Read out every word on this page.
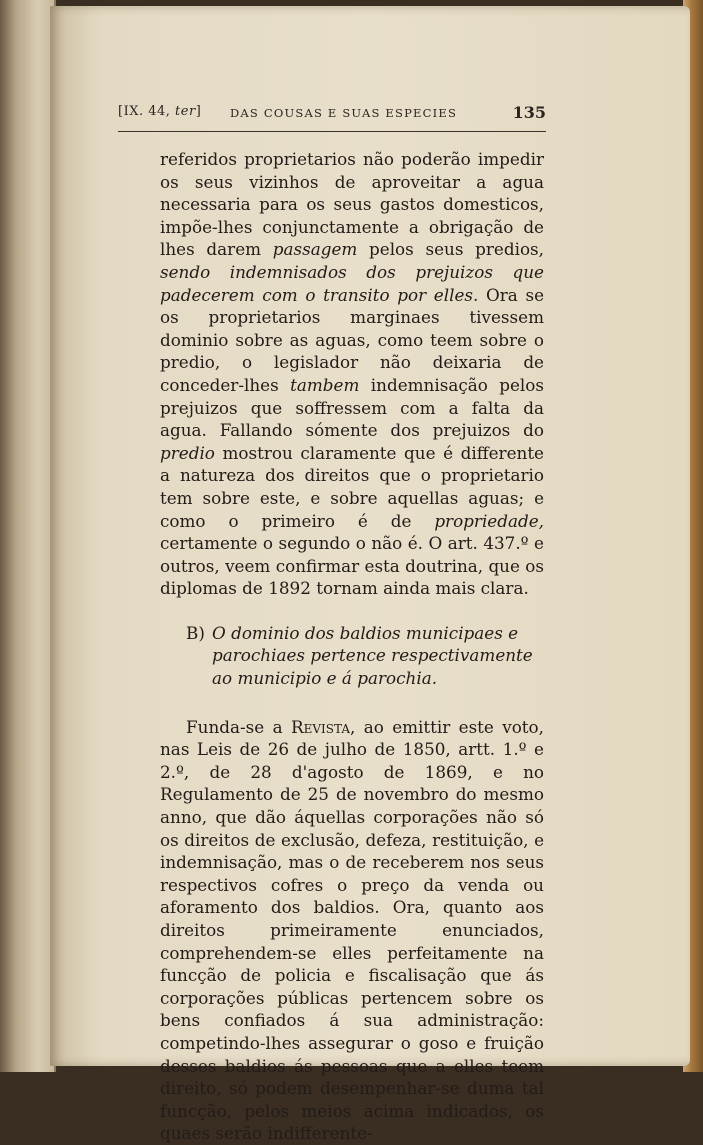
[IX. 44, ter] DAS COUSAS E SUAS ESPECIES	135

referidos proprietarios não poderão impedir os seus vizinhos de aproveitar a agua necessaria para os seus gastos domesticos, impõe-lhes conjunctamente a obrigação de lhes darem passagem pelos seus predios, sendo indemnisados dos prejuizos que padecerem com o transito por elles. Ora se os proprietarios marginaes tivessem dominio sobre as aguas, como teem sobre o predio, o legislador não deixaria de conceder-lhes tambem indemnisação pelos prejuizos que soffressem com a falta da agua. Fallando sómente dos prejuizos do predio mostrou claramente que é differente a natureza dos direitos que o proprietario tem sobre este, e sobre aquellas aguas; e como o primeiro é de propriedade, certamente o segundo o não é. O art. 437.º e outros, veem confirmar esta doutrina, que os diplomas de 1892 tornam ainda mais clara.

B) O dominio dos baldios municipaes e parochiaes pertence respectivamente ao municipio e á parochia.

Funda-se a Revista, ao emittir este voto, nas Leis de 26 de julho de 1850, artt. 1.º e 2.º, de 28 d'agosto de 1869, e no Regulamento de 25 de novembro do mesmo anno, que dão áquellas corporações não só os direitos de exclusão, defeza, restituição, e indemnisação, mas o de receberem nos seus respectivos cofres o preço da venda ou aforamento dos baldios. Ora, quanto aos direitos primeiramente enunciados, comprehendem-se elles perfeitamente na funcção de policia e fiscalisação que ás corporações públicas pertencem sobre os bens confiados á sua administração: competindo-lhes assegurar o goso e fruição desses baldios ás pessoas que a elles teem direito, só podem desempenhar-se duma tal funcção, pelos meios acima indicados, os quaes serão indifferente-
